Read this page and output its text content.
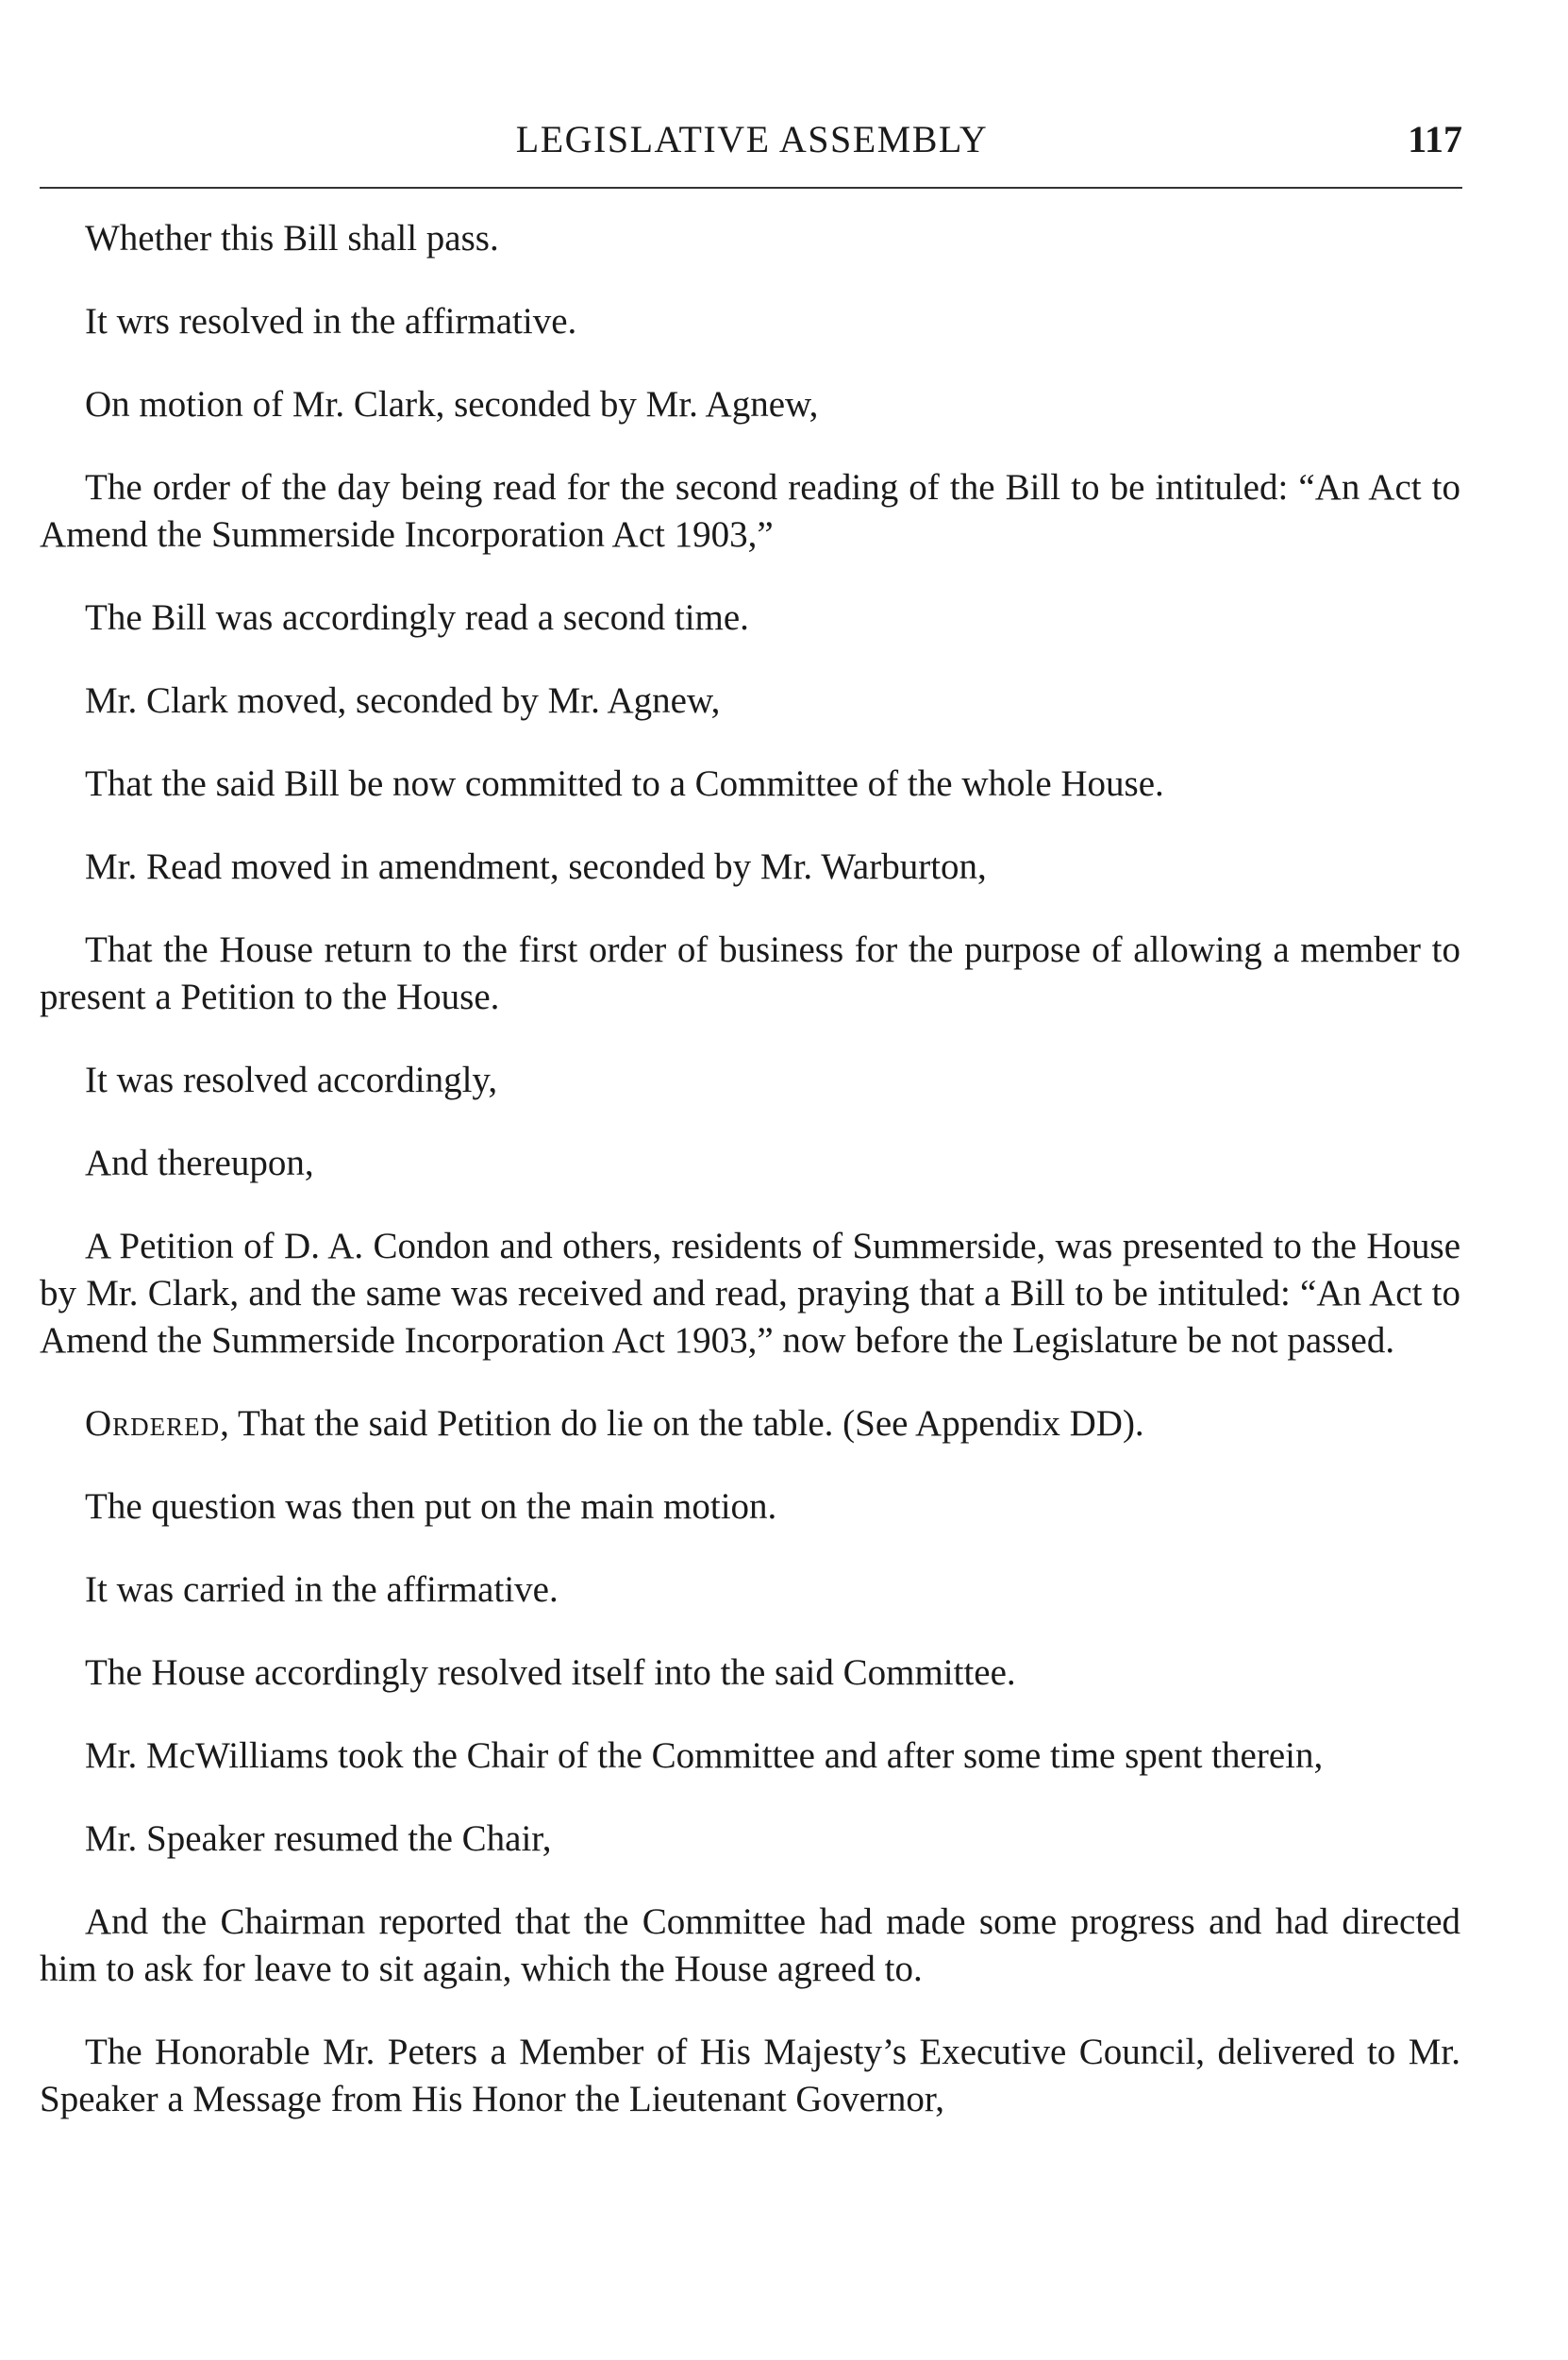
LEGISLATIVE ASSEMBLY	117

Whether this Bill shall pass.

It wrs resolved in the affirmative.

On motion of Mr. Clark, seconded by Mr. Agnew,

The order of the day being read for the second reading of the Bill to be intituled: “An Act to Amend the Summerside Incorporation Act 1903,”

The Bill was accordingly read a second time.

Mr. Clark moved, seconded by Mr. Agnew,

That the said Bill be now committed to a Committee of the whole House.

Mr. Read moved in amendment, seconded by Mr. Warburton,

That the House return to the first order of business for the purpose of allowing a member to present a Petition to the House.

It was resolved accordingly,

And thereupon,

A Petition of D. A. Condon and others, residents of Summerside, was presented to the House by Mr. Clark, and the same was received and read, praying that a Bill to be intituled: “An Act to Amend the Summerside Incorporation Act 1903,” now before the Legislature be not passed.

Ordered, That the said Petition do lie on the table. (See Appendix DD).

The question was then put on the main motion.

It was carried in the affirmative.

The House accordingly resolved itself into the said Committee.

Mr. McWilliams took the Chair of the Committee and after some time spent therein,

Mr. Speaker resumed the Chair,

And the Chairman reported that the Committee had made some progress and had directed him to ask for leave to sit again, which the House agreed to.

The Honorable Mr. Peters a Member of His Majesty’s Executive Council, delivered to Mr. Speaker a Message from His Honor the Lieutenant Governor,
